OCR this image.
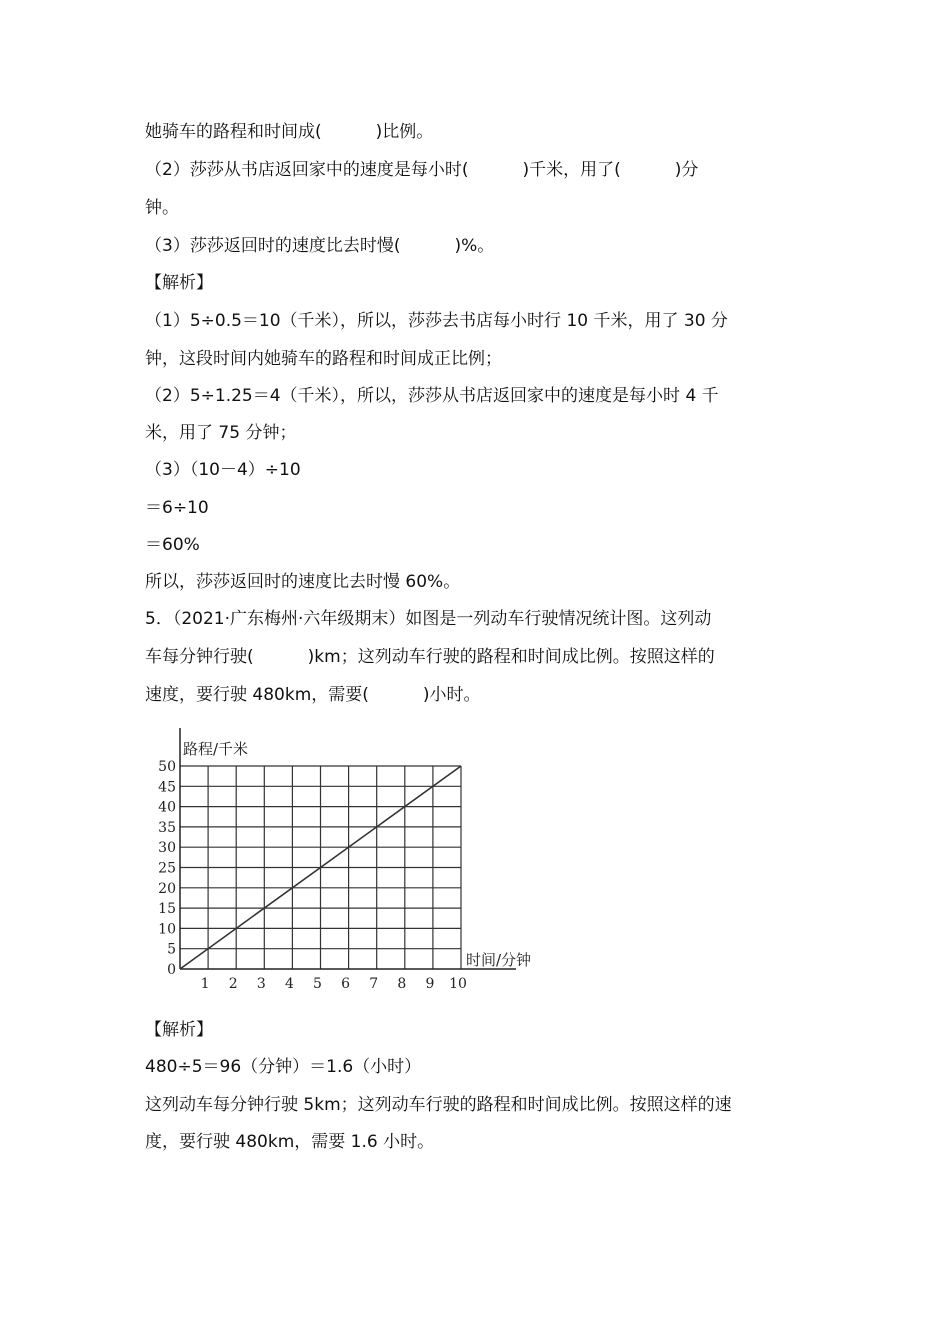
她骑车的路程和时间成(          )比例。
（2）莎莎从书店返回家中的速度是每小时(          )千米，用了(          )分
钟。
（3）莎莎返回时的速度比去时慢(          )%。
【解析】
（1）5÷0.5＝10（千米），所以，莎莎去书店每小时行 10 千米，用了 30 分
钟，这段时间内她骑车的路程和时间成正比例；
（2）5÷1.25＝4（千米），所以，莎莎从书店返回家中的速度是每小时 4 千
米，用了 75 分钟；
（3）（10－4）÷10
＝6÷10
＝60%
所以，莎莎返回时的速度比去时慢 60%。
5．（2021·广东梅州·六年级期末）如图是一列动车行驶情况统计图。这列动
车每分钟行驶(          )km；这列动车行驶的路程和时间成比例。按照这样的
速度，要行驶 480km，需要(          )小时。
0
5
10
15
20
25
30
35
40
45
50
1 2 3 4 5 6 7 8 9 10
路程/千米
时间/分钟
【解析】
480÷5＝96（分钟）＝1.6（小时）
这列动车每分钟行驶 5km；这列动车行驶的路程和时间成比例。按照这样的速
度，要行驶 480km，需要 1.6 小时。
